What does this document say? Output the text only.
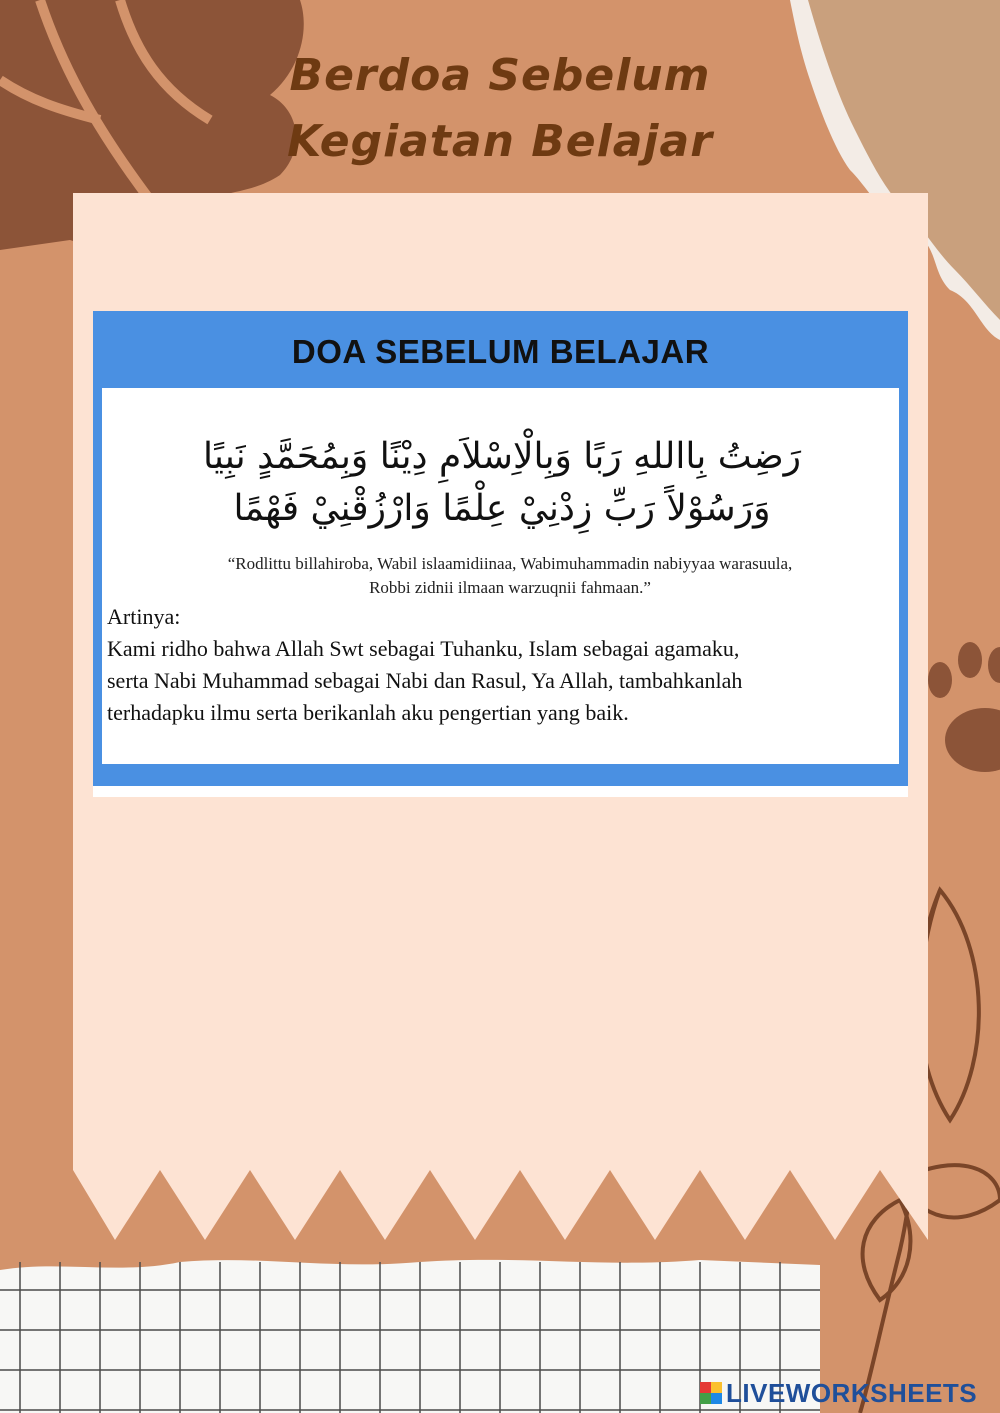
Berdoa Sebelum
Kegiatan Belajar
DOA SEBELUM BELAJAR
رَضِتُ بِااللهِ رَبًا وَبِالْاِسْلاَمِ دِيْنًا وَبِمُحَمَّدٍ نَبِيًا
وَرَسُوْلاً رَبِّ زِدْنِيْ عِلْمًا وَارْزُقْنِيْ فَهْمًا
“Rodlittu billahiroba, Wabil islaamidiinaa, Wabimuhammadin nabiyyaa warasuula,
Robbi zidnii ilmaan warzuqnii fahmaan.”
Artinya:
Kami ridho bahwa Allah Swt sebagai Tuhanku, Islam sebagai agamaku,
serta Nabi Muhammad sebagai Nabi dan Rasul, Ya Allah, tambahkanlah
terhadapku ilmu serta berikanlah aku pengertian yang baik.
LIVEWORKSHEETS
